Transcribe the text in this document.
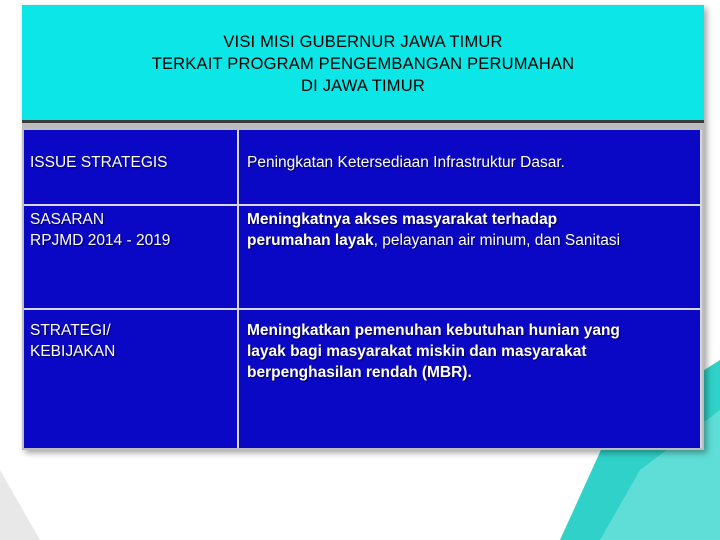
VISI MISI GUBERNUR JAWA TIMUR
TERKAIT PROGRAM PENGEMBANGAN PERUMAHAN
DI JAWA TIMUR
ISSUE STRATEGIS	Peningkatan Ketersediaan Infrastruktur Dasar.
SASARAN
RPJMD 2014 - 2019
Meningkatnya akses masyarakat terhadap
perumahan layak, pelayanan air minum, dan Sanitasi
STRATEGI/
KEBIJAKAN
Meningkatkan pemenuhan kebutuhan hunian yang
layak bagi masyarakat miskin dan masyarakat
berpenghasilan rendah (MBR).
